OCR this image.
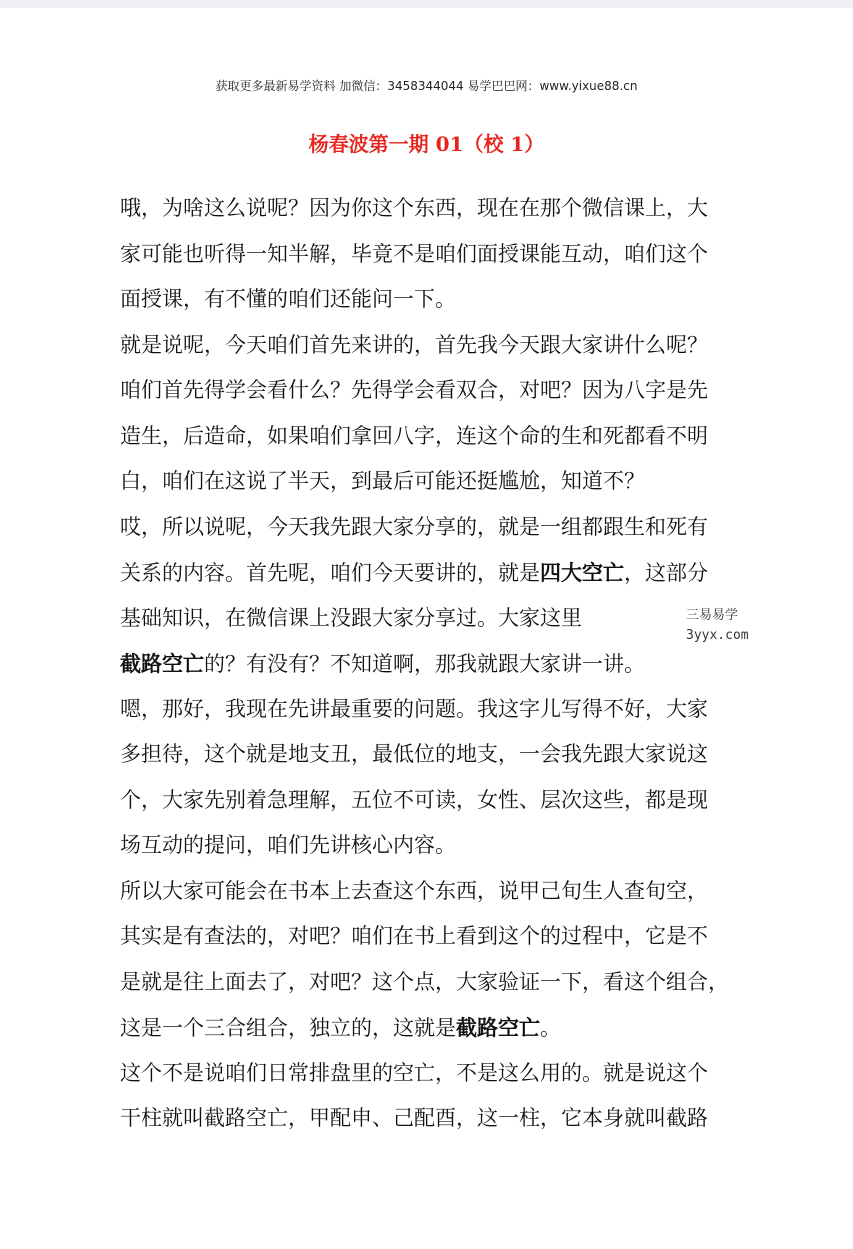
获取更多最新易学资料 加微信：3458344044 易学巴巴网：www.yixue88.cn
杨春波第一期 01（校 1）

哦，为啥这么说呢？因为你这个东西，现在在那个微信课上，大
家可能也听得一知半解，毕竟不是咱们面授课能互动，咱们这个
面授课，有不懂的咱们还能问一下。

就是说呢，今天咱们首先来讲的，首先我今天跟大家讲什么呢？
咱们首先得学会看什么？先得学会看双合，对吧？因为八字是先
造生，后造命，如果咱们拿回八字，连这个命的生和死都看不明
白，咱们在这说了半天，到最后可能还挺尴尬，知道不？

哎，所以说呢，今天我先跟大家分享的，就是一组都跟生和死有
关系的内容。首先呢，咱们今天要讲的，就是四大空亡，这部分
基础知识，在微信课上没跟大家分享过。大家这里
截路空亡的？有没有？不知道啊，那我就跟大家讲一讲。

嗯，那好，我现在先讲最重要的问题。我这字儿写得不好，大家
多担待，这个就是地支丑，最低位的地支，一会我先跟大家说这
个，大家先别着急理解，五位不可读，女性、层次这些，都是现
场互动的提问，咱们先讲核心内容。

所以大家可能会在书本上去查这个东西，说甲己旬生人查旬空，
其实是有查法的，对吧？咱们在书上看到这个的过程中，它是不
是就是往上面去了，对吧？这个点，大家验证一下，看这个组合，
这是一个三合组合，独立的，这就是截路空亡。

这个不是说咱们日常排盘里的空亡，不是这么用的。就是说这个
干柱就叫截路空亡，甲配申、己配酉，这一柱，它本身就叫截路

三易易学
3yyx.com
